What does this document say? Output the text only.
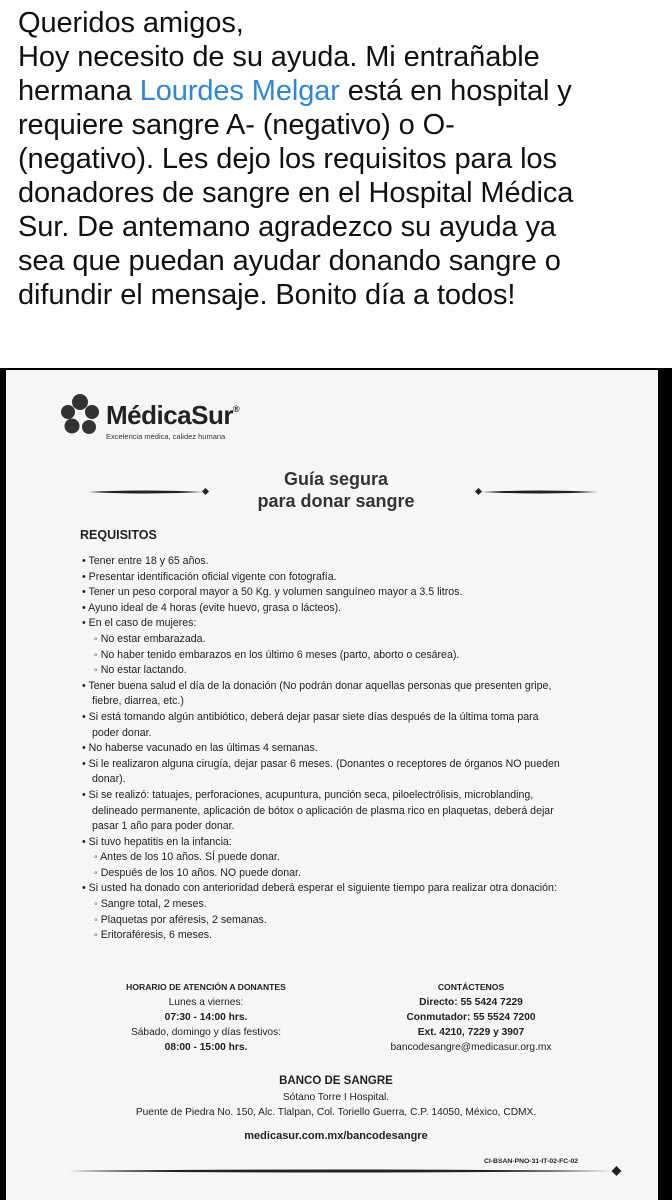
Queridos amigos,
Hoy necesito de su ayuda. Mi entrañable
hermana Lourdes Melgar está en hospital y
requiere sangre A- (negativo) o O-
(negativo). Les dejo los requisitos para los
donadores de sangre en el Hospital Médica
Sur. De antemano agradezco su ayuda ya
sea que puedan ayudar donando sangre o
difundir el mensaje. Bonito día a todos!
MédicaSur®
Excelencia médica, calidez humana
Guía segura
para donar sangre
REQUISITOS
• Tener entre 18 y 65 años.
• Presentar identificación oficial vigente con fotografía.
• Tener un peso corporal mayor a 50 Kg. y volumen sanguíneo mayor a 3.5 litros.
• Ayuno ideal de 4 horas (evite huevo, grasa o lácteos).
• En el caso de mujeres:
◦ No estar embarazada.
◦ No haber tenido embarazos en los último 6 meses (parto, aborto o cesárea).
◦ No estar lactando.
• Tener buena salud el día de la donación (No podrán donar aquellas personas que presenten gripe,
fiebre, diarrea, etc.)
• Si está tomando algún antibiótico, deberá dejar pasar siete días después de la última toma para
poder donar.
• No haberse vacunado en las últimas 4 semanas.
• Si le realizaron alguna cirugía, dejar pasar 6 meses. (Donantes o receptores de órganos NO pueden
donar).
• Si se realizó: tatuajes, perforaciones, acupuntura, punción seca, piloelectrólisis, microblanding,
delineado permanente, aplicación de bótox o aplicación de plasma rico en plaquetas, deberá dejar
pasar 1 año para poder donar.
• Si tuvo hepatitis en la infancia:
◦ Antes de los 10 años. SÍ puede donar.
◦ Después de los 10 años. NO puede donar.
• Si usted ha donado con anterioridad deberá esperar el siguiente tiempo para realizar otra donación:
◦ Sangre total, 2 meses.
◦ Plaquetas por aféresis, 2 semanas.
◦ Eritoraféresis, 6 meses.
HORARIO DE ATENCIÓN A DONANTES
Lunes a viernes:
07:30 - 14:00 hrs.
Sábado, domingo y días festivos:
08:00 - 15:00 hrs.
CONTÁCTENOS
Directo: 55 5424 7229
Conmutador: 55 5524 7200
Ext. 4210, 7229 y 3907
bancodesangre@medicasur.org.mx
BANCO DE SANGRE
Sótano Torre I Hospital.
Puente de Piedra No. 150, Alc. Tlalpan, Col. Toriello Guerra, C.P. 14050, México, CDMX.
medicasur.com.mx/bancodesangre
CI-BSAN-PNO-31-IT-02-FC-02
